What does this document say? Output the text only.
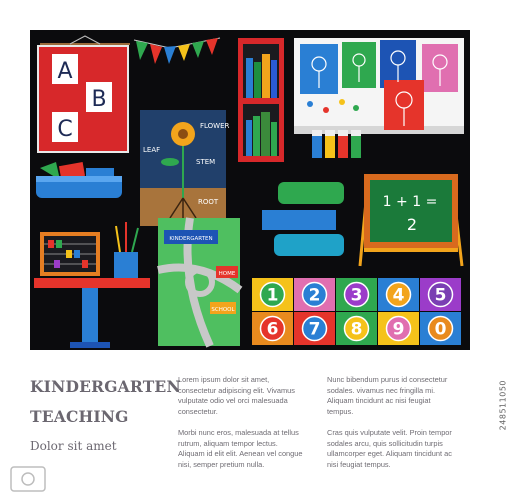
A
B
C	FLOWER
LEAF
STEM
ROOT	1 + 1 =
2
KINDERGARTEN
HOME
SCHOOL
1 2 3 4 5
6 7 8 9 0
KINDERGARTEN
TEACHING
Dolor sit amet
Lorem ipsum dolor sit amet, consectetur adipiscing elit. Vivamus vulputate odio vel orci malesuada consectetur.
Morbi nunc eros, malesuada at tellus rutrum, aliquam tempor lectus. Aliquam id elit elit. Aenean vel congue nisi, semper pretium nulla.
Nunc bibendum purus id consectetur sodales. vivamus nec fringilla mi. Aliquam tincidunt ac nisi feugiat tempus.
Cras quis vulputate velit. Proin tempor sodales arcu, quis sollicitudin turpis ullamcorper eget. Aliquam tincidunt ac nisi feugiat tempus.
248511050
